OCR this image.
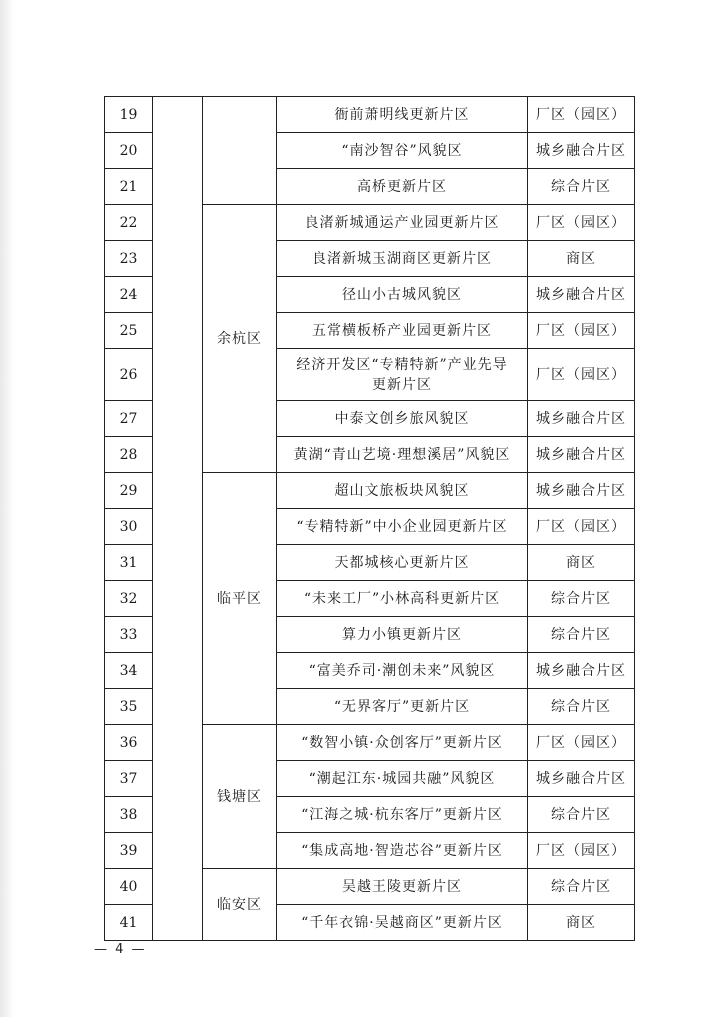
19			衙前萧明线更新片区	厂区（园区）
20			“南沙智谷”风貌区	城乡融合片区
21			高桥更新片区	综合片区
22		余杭区	良渚新城通运产业园更新片区	厂区（园区）
23			良渚新城玉湖商区更新片区	商区
24			径山小古城风貌区	城乡融合片区
25			五常横板桥产业园更新片区	厂区（园区）
26			经济开发区“专精特新”产业先导更新片区	厂区（园区）
27			中泰文创乡旅风貌区	城乡融合片区
28			黄湖“青山艺境·理想溪居”风貌区	城乡融合片区
29		临平区	超山文旅板块风貌区	城乡融合片区
30			“专精特新”中小企业园更新片区	厂区（园区）
31			天都城核心更新片区	商区
32			“未来工厂”小林高科更新片区	综合片区
33			算力小镇更新片区	综合片区
34			“富美乔司·潮创未来”风貌区	城乡融合片区
35			“无界客厅”更新片区	综合片区
36		钱塘区	“数智小镇·众创客厅”更新片区	厂区（园区）
37			“潮起江东·城园共融”风貌区	城乡融合片区
38			“江海之城·杭东客厅”更新片区	综合片区
39			“集成高地·智造芯谷”更新片区	厂区（园区）
40		临安区	吴越王陵更新片区	综合片区
41			“千年衣锦·吴越商区”更新片区	商区
— 4 —
